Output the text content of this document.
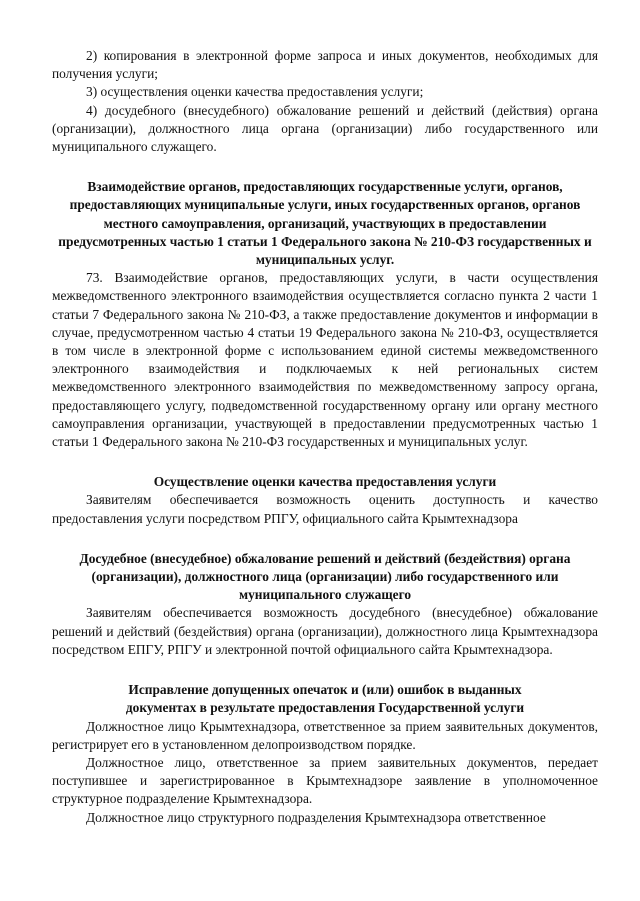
2) копирования в электронной форме запроса и иных документов, необходимых для получения услуги;

3) осуществления оценки качества предоставления услуги;

4) досудебного (внесудебного) обжалование решений и действий (действия) органа (организации), должностного лица органа (организации) либо государственного или муниципального служащего.

Взаимодействие органов, предоставляющих государственные услуги, органов, предоставляющих муниципальные услуги, иных государственных органов, органов местного самоуправления, организаций, участвующих в предоставлении предусмотренных частью 1 статьи 1 Федерального закона № 210-ФЗ государственных и муниципальных услуг.

73. Взаимодействие органов, предоставляющих услуги, в части осуществления межведомственного электронного взаимодействия осуществляется согласно пункта 2 части 1 статьи 7 Федерального закона № 210-ФЗ, а также предоставление документов и информации в случае, предусмотренном частью 4 статьи 19 Федерального закона № 210-ФЗ, осуществляется в том числе в электронной форме с использованием единой системы межведомственного электронного взаимодействия и подключаемых к ней региональных систем межведомственного электронного взаимодействия по межведомственному запросу органа, предоставляющего услугу, подведомственной государственному органу или органу местного самоуправления организации, участвующей в предоставлении предусмотренных частью 1 статьи 1 Федерального закона № 210-ФЗ государственных и муниципальных услуг.

Осуществление оценки качества предоставления услуги

Заявителям обеспечивается возможность оценить доступность и качество предоставления услуги посредством РПГУ, официального сайта Крымтехнадзора

Досудебное (внесудебное) обжалование решений и действий (бездействия) органа (организации), должностного лица (организации) либо государственного или муниципального служащего

Заявителям обеспечивается возможность досудебного (внесудебное) обжалование решений и действий (бездействия) органа (организации), должностного лица Крымтехнадзора посредством ЕПГУ, РПГУ и электронной почтой официального сайта Крымтехнадзора.

Исправление допущенных опечаток и (или) ошибок в выданных документах в результате предоставления Государственной услуги

Должностное лицо Крымтехнадзора, ответственное за прием заявительных документов, регистрирует его в установленном делопроизводством порядке.

Должностное лицо, ответственное за прием заявительных документов, передает поступившее и зарегистрированное в Крымтехнадзоре заявление в уполномоченное структурное подразделение Крымтехнадзора.

Должностное лицо структурного подразделения Крымтехнадзора ответственное
